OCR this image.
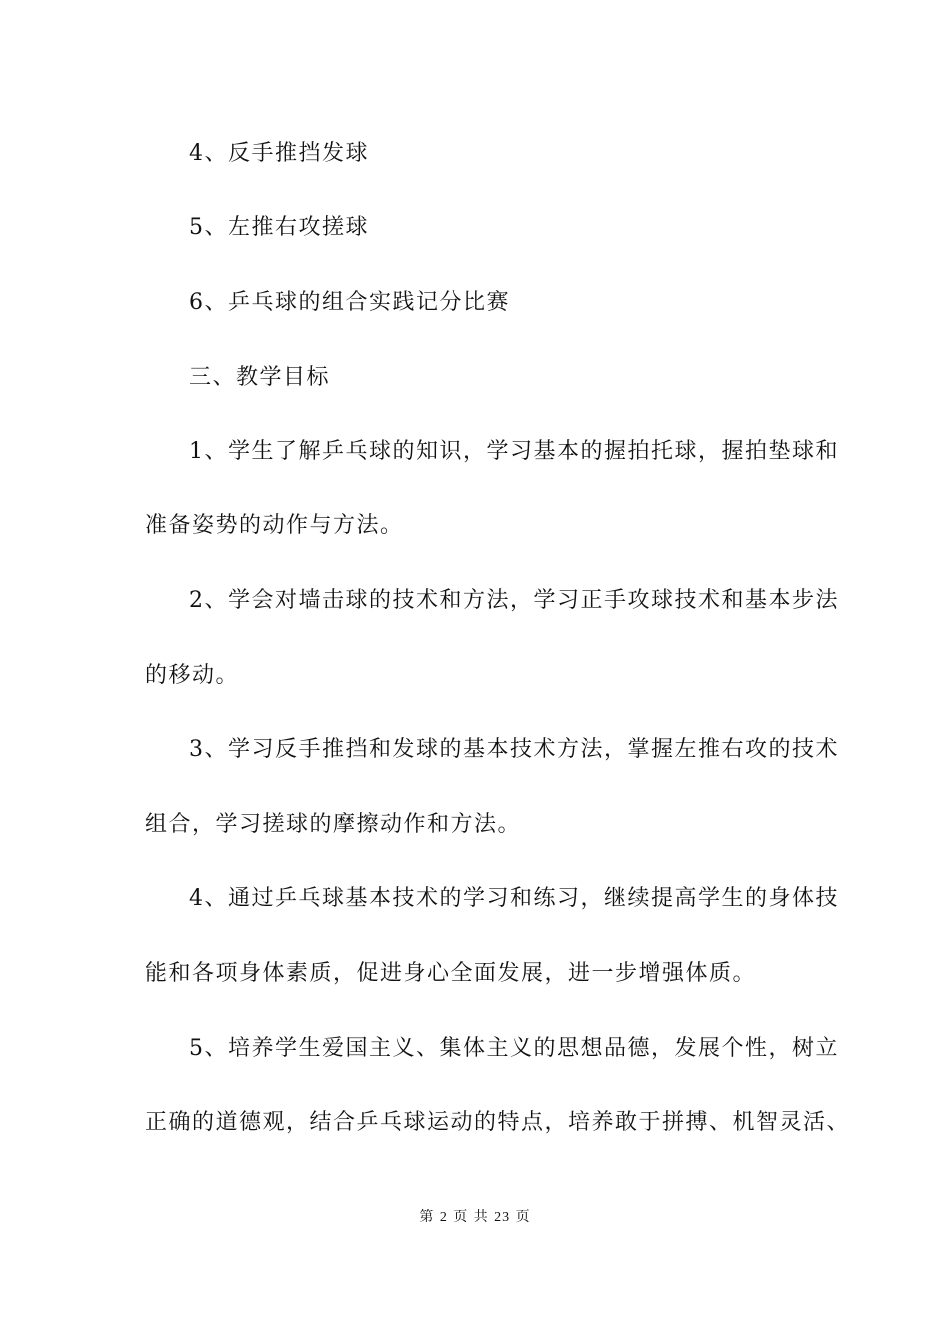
4、反手推挡发球
5、左推右攻搓球
6、乒乓球的组合实践记分比赛
三、教学目标
1、学生了解乒乓球的知识，学习基本的握拍托球，握拍垫球和
准备姿势的动作与方法。
2、学会对墙击球的技术和方法，学习正手攻球技术和基本步法
的移动。
3、学习反手推挡和发球的基本技术方法，掌握左推右攻的技术
组合，学习搓球的摩擦动作和方法。
4、通过乒乓球基本技术的学习和练习，继续提高学生的身体技
能和各项身体素质，促进身心全面发展，进一步增强体质。
5、培养学生爱国主义、集体主义的思想品德，发展个性，树立
正确的道德观，结合乒乓球运动的特点，培养敢于拼搏、机智灵活、
第 2 页 共 23 页
